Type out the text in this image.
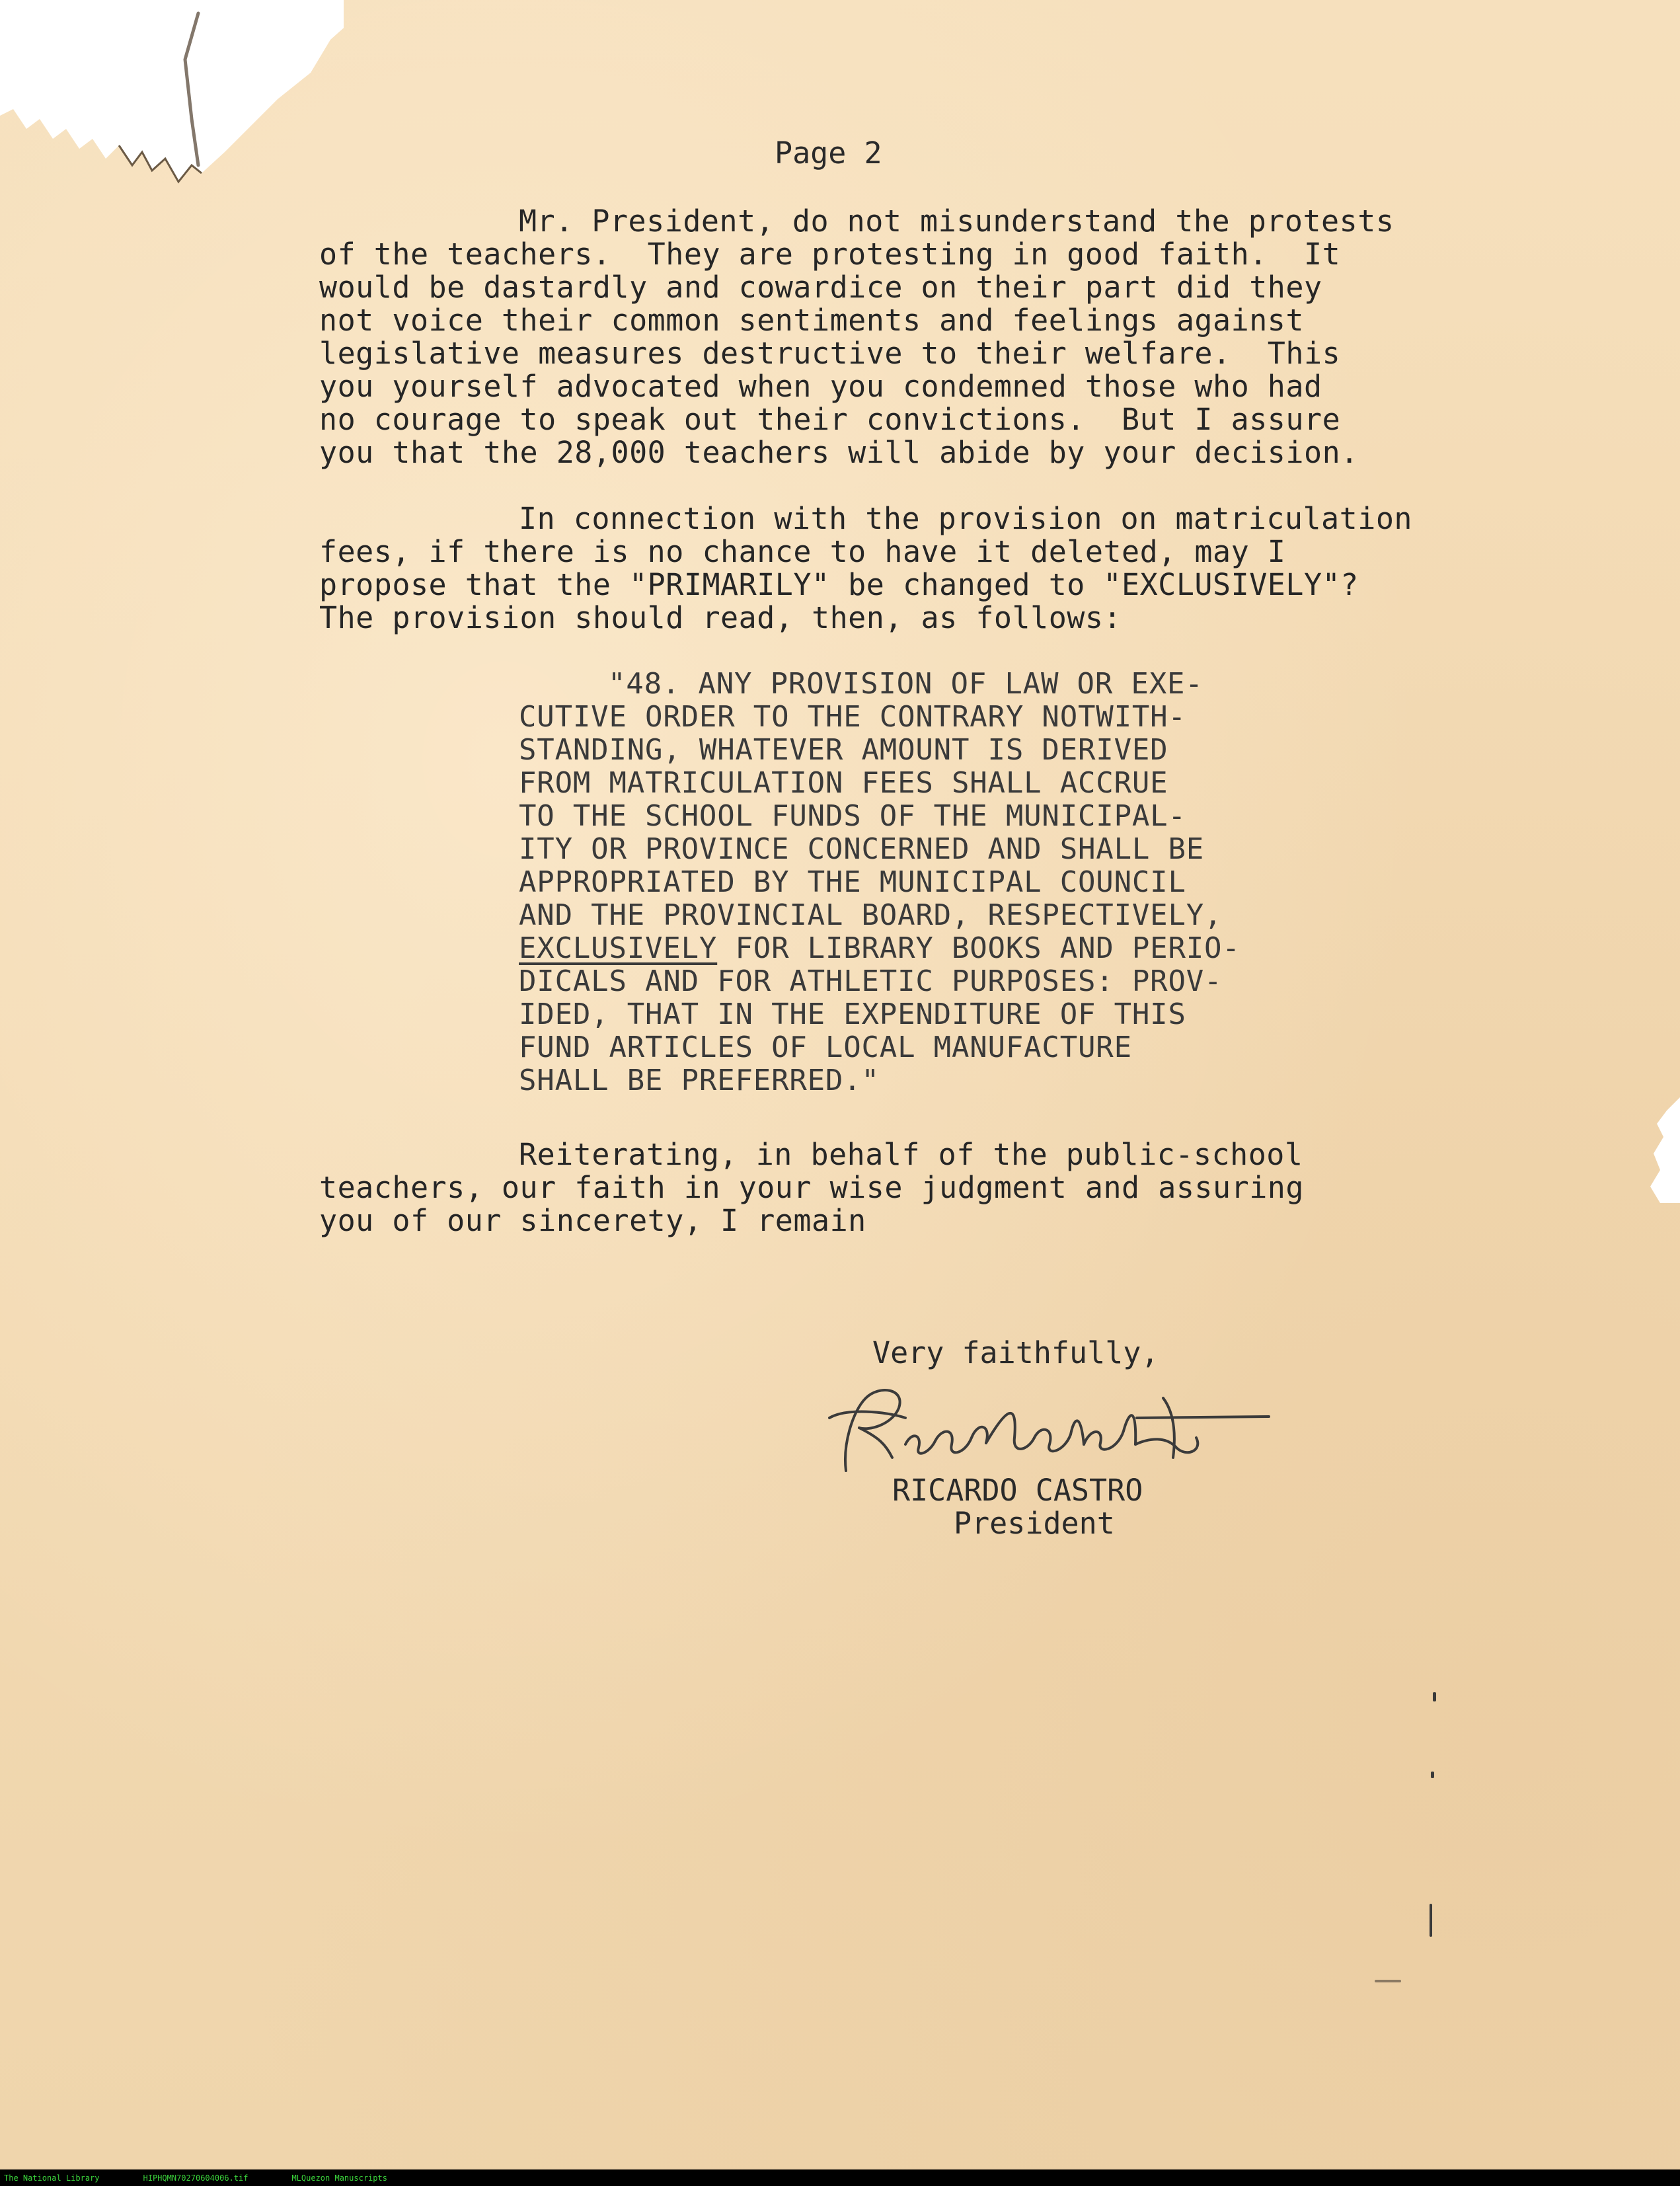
Page 2
Mr. President, do not misunderstand the protests
of the teachers.  They are protesting in good faith.  It
would be dastardly and cowardice on their part did they
not voice their common sentiments and feelings against
legislative measures destructive to their welfare.  This
you yourself advocated when you condemned those who had
no courage to speak out their convictions.  But I assure
you that the 28,000 teachers will abide by your decision.
In connection with the provision on matriculation
fees, if there is no chance to have it deleted, may I
propose that the "PRIMARILY" be changed to "EXCLUSIVELY"?
The provision should read, then, as follows:
"48. ANY PROVISION OF LAW OR EXE-
CUTIVE ORDER TO THE CONTRARY NOTWITH-
STANDING, WHATEVER AMOUNT IS DERIVED
FROM MATRICULATION FEES SHALL ACCRUE
TO THE SCHOOL FUNDS OF THE MUNICIPAL-
ITY OR PROVINCE CONCERNED AND SHALL BE
APPROPRIATED BY THE MUNICIPAL COUNCIL
AND THE PROVINCIAL BOARD, RESPECTIVELY,
EXCLUSIVELY FOR LIBRARY BOOKS AND PERIO-
DICALS AND FOR ATHLETIC PURPOSES: PROV-
IDED, THAT IN THE EXPENDITURE OF THIS
FUND ARTICLES OF LOCAL MANUFACTURE
SHALL BE PREFERRED."
Reiterating, in behalf of the public-school
teachers, our faith in your wise judgment and assuring
you of our sincerety, I remain
Very faithfully,
RICARDO CASTRO
President
The National Library	HIPHQMN70270604006.tif	MLQuezon Manuscripts
